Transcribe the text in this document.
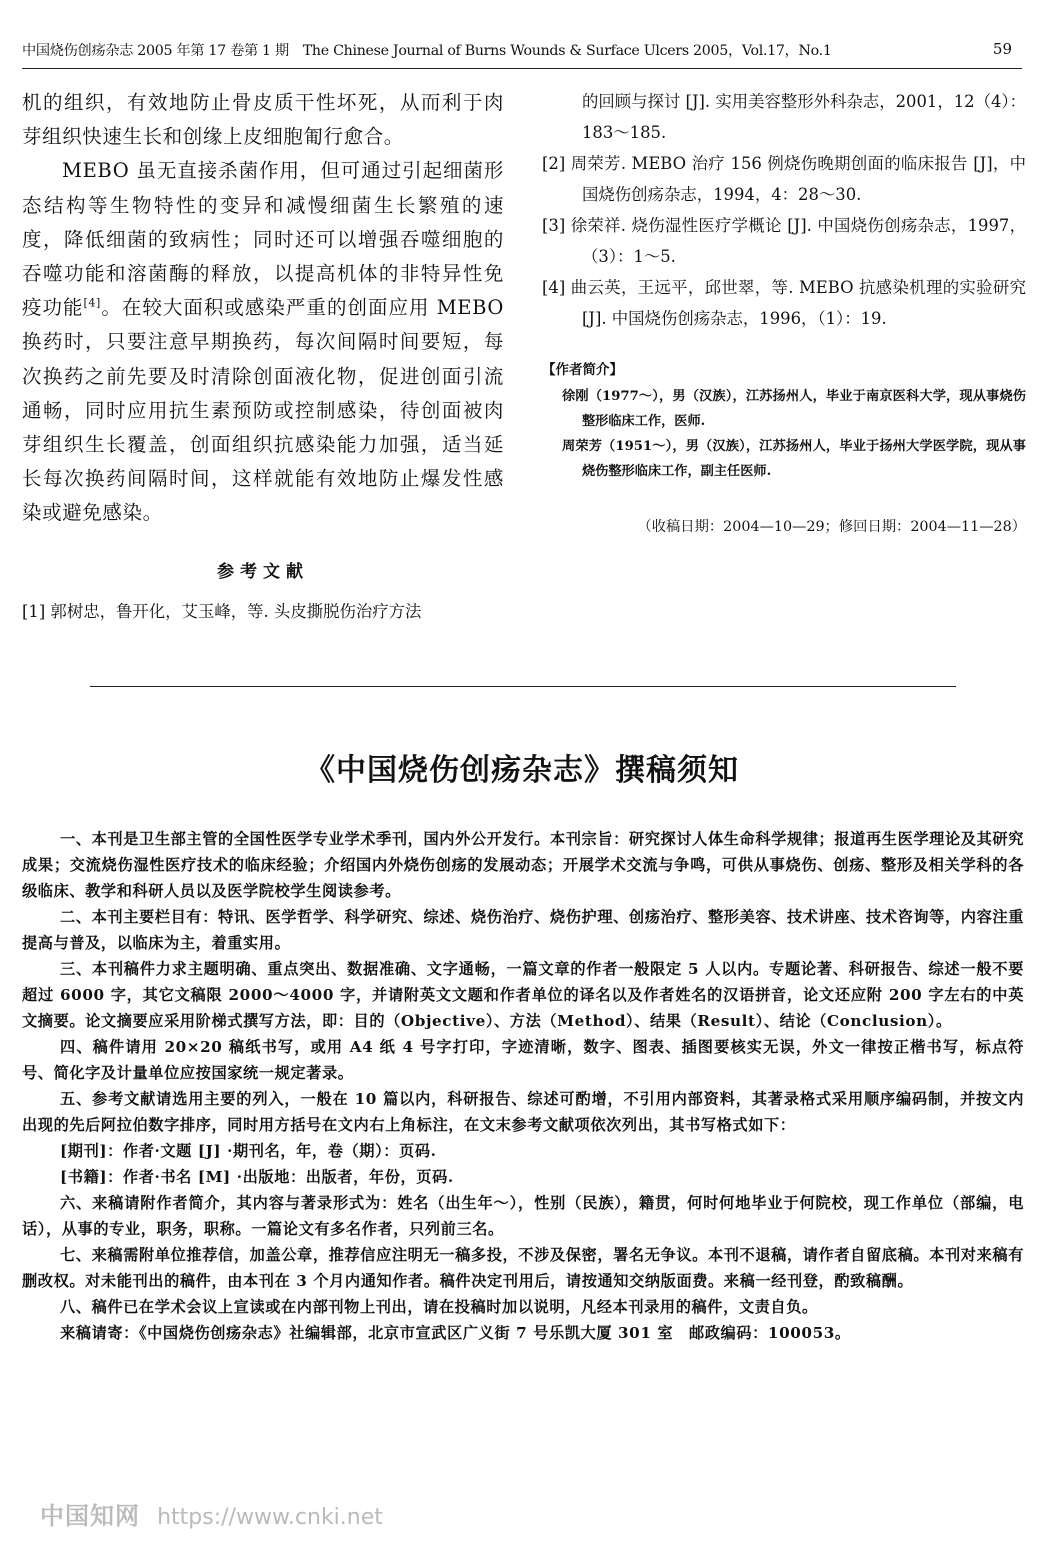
中国烧伤创疡杂志 2005 年第 17 卷第 1 期　The Chinese Journal of Burns Wounds & Surface Ulcers 2005，Vol.17，No.1	59

机的组织，有效地防止骨皮质干性坏死，从而利于肉芽组织快速生长和创缘上皮细胞匍行愈合。

MEBO 虽无直接杀菌作用，但可通过引起细菌形态结构等生物特性的变异和减慢细菌生长繁殖的速度，降低细菌的致病性；同时还可以增强吞噬细胞的吞噬功能和溶菌酶的释放，以提高机体的非特异性免疫功能[4]。在较大面积或感染严重的创面应用 MEBO 换药时，只要注意早期换药，每次间隔时间要短，每次换药之前先要及时清除创面液化物，促进创面引流通畅，同时应用抗生素预防或控制感染，待创面被肉芽组织生长覆盖，创面组织抗感染能力加强，适当延长每次换药间隔时间，这样就能有效地防止爆发性感染或避免感染。

参考文献

[1] 郭树忠，鲁开化，艾玉峰，等. 头皮撕脱伤治疗方法

的回顾与探讨 [J]. 实用美容整形外科杂志，2001，12（4）：183～185.

[2] 周荣芳. MEBO 治疗 156 例烧伤晚期创面的临床报告 [J]，中国烧伤创疡杂志，1994，4：28～30.

[3] 徐荣祥. 烧伤湿性医疗学概论 [J]. 中国烧伤创疡杂志，1997，（3）：1～5.

[4] 曲云英，王远平，邱世翠，等. MEBO 抗感染机理的实验研究 [J]. 中国烧伤创疡杂志，1996，（1）：19.

【作者简介】

徐刚（1977～），男（汉族），江苏扬州人，毕业于南京医科大学，现从事烧伤整形临床工作，医师.

周荣芳（1951～），男（汉族），江苏扬州人，毕业于扬州大学医学院，现从事烧伤整形临床工作，副主任医师.

（收稿日期：2004—10—29；修回日期：2004—11—28）
《中国烧伤创疡杂志》撰稿须知

一、本刊是卫生部主管的全国性医学专业学术季刊，国内外公开发行。本刊宗旨：研究探讨人体生命科学规律；报道再生医学理论及其研究成果；交流烧伤湿性医疗技术的临床经验；介绍国内外烧伤创疡的发展动态；开展学术交流与争鸣，可供从事烧伤、创疡、整形及相关学科的各级临床、教学和科研人员以及医学院校学生阅读参考。

二、本刊主要栏目有：特讯、医学哲学、科学研究、综述、烧伤治疗、烧伤护理、创疡治疗、整形美容、技术讲座、技术咨询等，内容注重提高与普及，以临床为主，着重实用。

三、本刊稿件力求主题明确、重点突出、数据准确、文字通畅，一篇文章的作者一般限定 5 人以内。专题论著、科研报告、综述一般不要超过 6000 字，其它文稿限 2000～4000 字，并请附英文文题和作者单位的译名以及作者姓名的汉语拼音，论文还应附 200 字左右的中英文摘要。论文摘要应采用阶梯式撰写方法，即：目的（Objective）、方法（Method）、结果（Result）、结论（Conclusion）。

四、稿件请用 20×20 稿纸书写，或用 A4 纸 4 号字打印，字迹清晰，数字、图表、插图要核实无误，外文一律按正楷书写，标点符号、简化字及计量单位应按国家统一规定著录。

五、参考文献请选用主要的列入，一般在 10 篇以内，科研报告、综述可酌增，不引用内部资料，其著录格式采用顺序编码制，并按文内出现的先后阿拉伯数字排序，同时用方括号在文内右上角标注，在文末参考文献项依次列出，其书写格式如下：

[期刊]：作者·文题 [J] ·期刊名，年，卷（期）：页码.

[书籍]：作者·书名 [M] ·出版地：出版者，年份，页码.

六、来稿请附作者简介，其内容与著录形式为：姓名（出生年～），性别（民族），籍贯，何时何地毕业于何院校，现工作单位（部编，电话），从事的专业，职务，职称。一篇论文有多名作者，只列前三名。

七、来稿需附单位推荐信，加盖公章，推荐信应注明无一稿多投，不涉及保密，署名无争议。本刊不退稿，请作者自留底稿。本刊对来稿有删改权。对未能刊出的稿件，由本刊在 3 个月内通知作者。稿件决定刊用后，请按通知交纳版面费。来稿一经刊登，酌致稿酬。

八、稿件已在学术会议上宣读或在内部刊物上刊出，请在投稿时加以说明，凡经本刊录用的稿件，文责自负。

来稿请寄：《中国烧伤创疡杂志》社编辑部，北京市宣武区广义街 7 号乐凯大厦 301 室　邮政编码：100053。

中国知网 https://www.cnki.net
